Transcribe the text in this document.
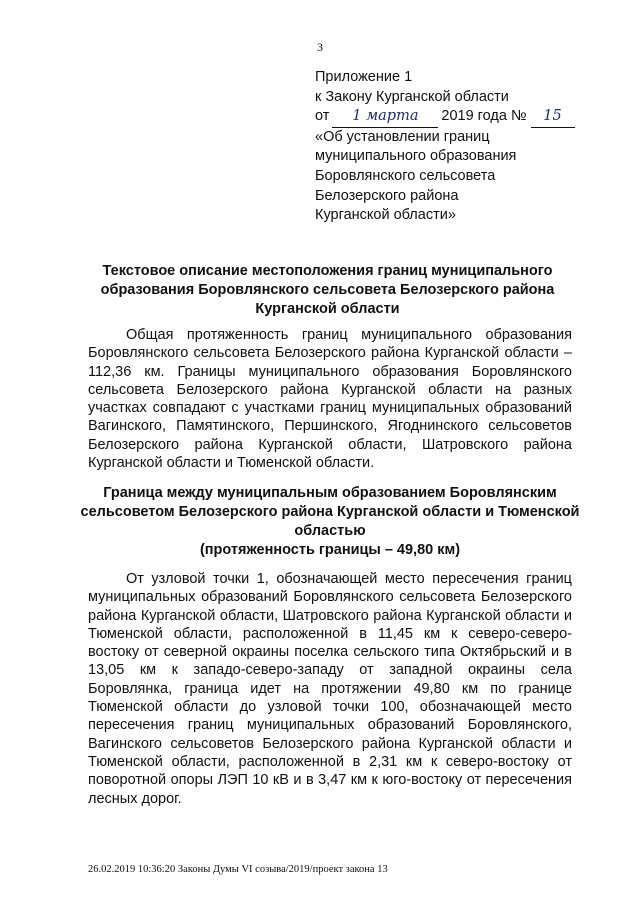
3
Приложение 1
к Закону Курганской области
от 1 марта 2019 года № 15
«Об установлении границ
муниципального образования
Боровлянского сельсовета
Белозерского района
Курганской области»
Текстовое описание местоположения границ муниципального образования Боровлянского сельсовета Белозерского района Курганской области
Общая протяженность границ муниципального образования Боровлянского сельсовета Белозерского района Курганской области – 112,36 км. Границы муниципального образования Боровлянского сельсовета Белозерского района Курганской области на разных участках совпадают с участками границ муниципальных образований Вагинского, Памятинского, Першинского, Ягоднинского сельсоветов Белозерского района Курганской области, Шатровского района Курганской области и Тюменской области.
Граница между муниципальным образованием Боровлянским сельсоветом Белозерского района Курганской области и Тюменской областью
(протяженность границы – 49,80 км)
От узловой точки 1, обозначающей место пересечения границ муниципальных образований Боровлянского сельсовета Белозерского района Курганской области, Шатровского района Курганской области и Тюменской области, расположенной в 11,45 км к северо-северо-востоку от северной окраины поселка сельского типа Октябрьский и в 13,05 км к западо-северо-западу от западной окраины села Боровлянка, граница идет на протяжении 49,80 км по границе Тюменской области до узловой точки 100, обозначающей место пересечения границ муниципальных образований Боровлянского, Вагинского сельсоветов Белозерского района Курганской области и Тюменской области, расположенной в 2,31 км к северо-востоку от поворотной опоры ЛЭП 10 кВ и в 3,47 км к юго-востоку от пересечения лесных дорог.
26.02.2019 10:36:20 Законы Думы VI созыва/2019/проект закона 13
